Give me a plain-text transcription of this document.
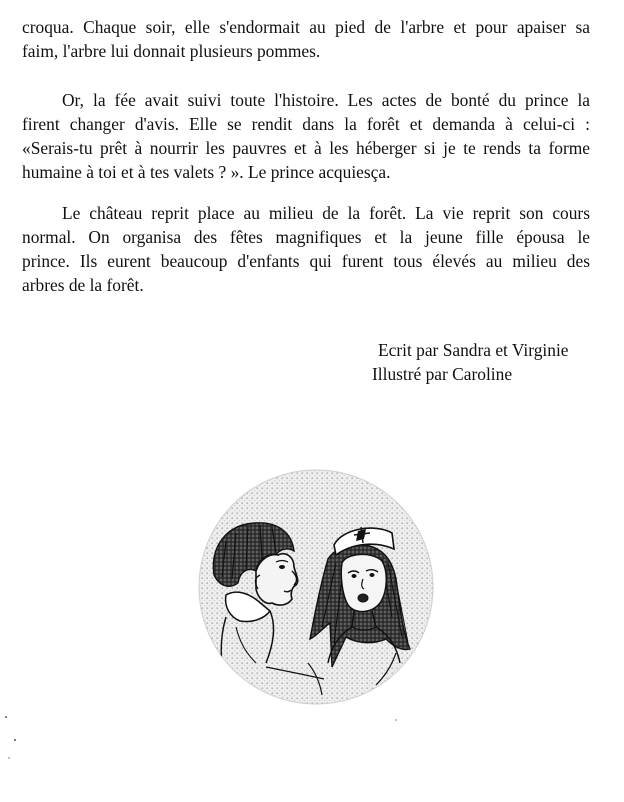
croqua. Chaque soir, elle s'endormait au pied de l'arbre et pour apaiser sa
faim, l'arbre lui donnait plusieurs pommes.

Or, la fée avait suivi toute l'histoire. Les actes de bonté du prince la
firent changer d'avis. Elle se rendit dans la forêt et demanda à celui-ci :
«Serais-tu prêt à nourrir les pauvres et à les héberger si je te rends ta forme
humaine à toi et à tes valets ? ». Le prince acquiesça.

Le château reprit place au milieu de la forêt. La vie reprit son cours
normal. On organisa des fêtes magnifiques et la jeune fille épousa le
prince. Ils eurent beaucoup d'enfants qui furent tous élevés au milieu des
arbres de la forêt.

Ecrit par Sandra et Virginie
Illustré par Caroline
